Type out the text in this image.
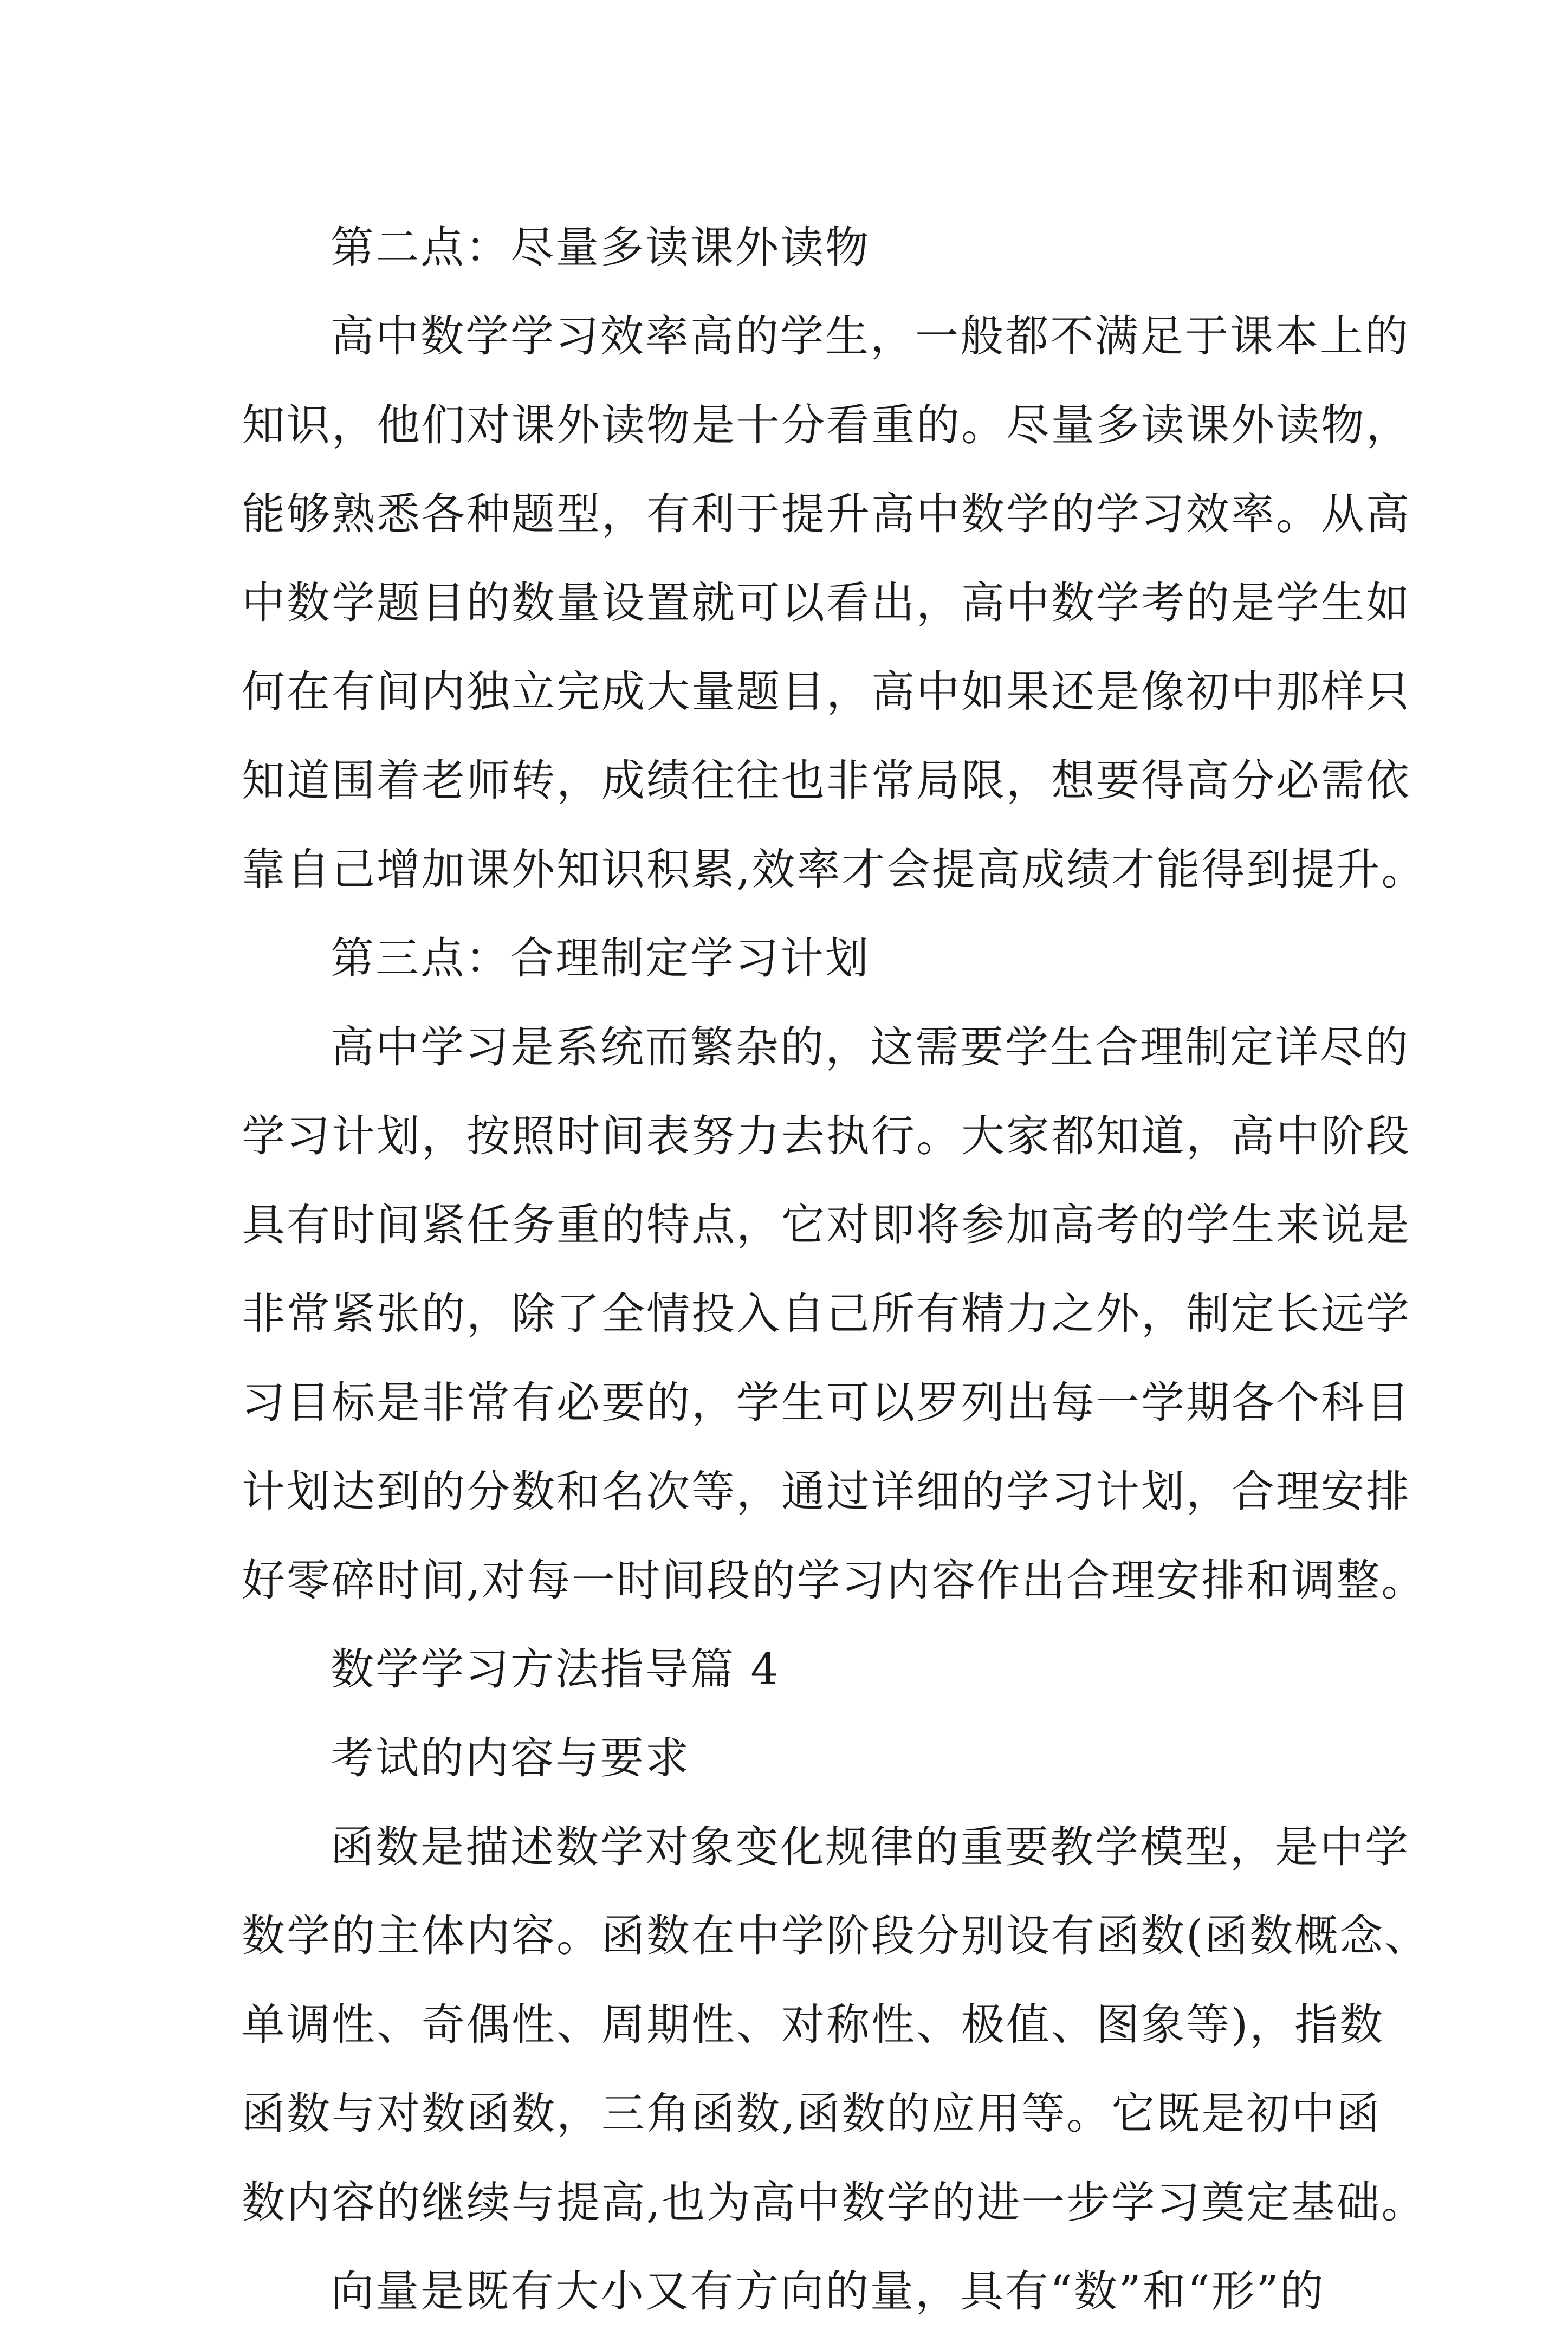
第二点：尽量多读课外读物
高中数学学习效率高的学生，一般都不满足于课本上的
知识，他们对课外读物是十分看重的。尽量多读课外读物，
能够熟悉各种题型，有利于提升高中数学的学习效率。从高
中数学题目的数量设置就可以看出，高中数学考的是学生如
何在有间内独立完成大量题目，高中如果还是像初中那样只
知道围着老师转，成绩往往也非常局限，想要得高分必需依
靠自己增加课外知识积累,效率才会提高成绩才能得到提升。
第三点：合理制定学习计划
高中学习是系统而繁杂的，这需要学生合理制定详尽的
学习计划，按照时间表努力去执行。大家都知道，高中阶段
具有时间紧任务重的特点，它对即将参加高考的学生来说是
非常紧张的，除了全情投入自己所有精力之外，制定长远学
习目标是非常有必要的，学生可以罗列出每一学期各个科目
计划达到的分数和名次等，通过详细的学习计划，合理安排
好零碎时间,对每一时间段的学习内容作出合理安排和调整。
数学学习方法指导篇 4
考试的内容与要求
函数是描述数学对象变化规律的重要教学模型，是中学
数学的主体内容。函数在中学阶段分别设有函数(函数概念、
单调性、奇偶性、周期性、对称性、极值、图象等)，指数
函数与对数函数，三角函数,函数的应用等。它既是初中函
数内容的继续与提高,也为高中数学的进一步学习奠定基础。
向量是既有大小又有方向的量，具有“数”和“形”的
